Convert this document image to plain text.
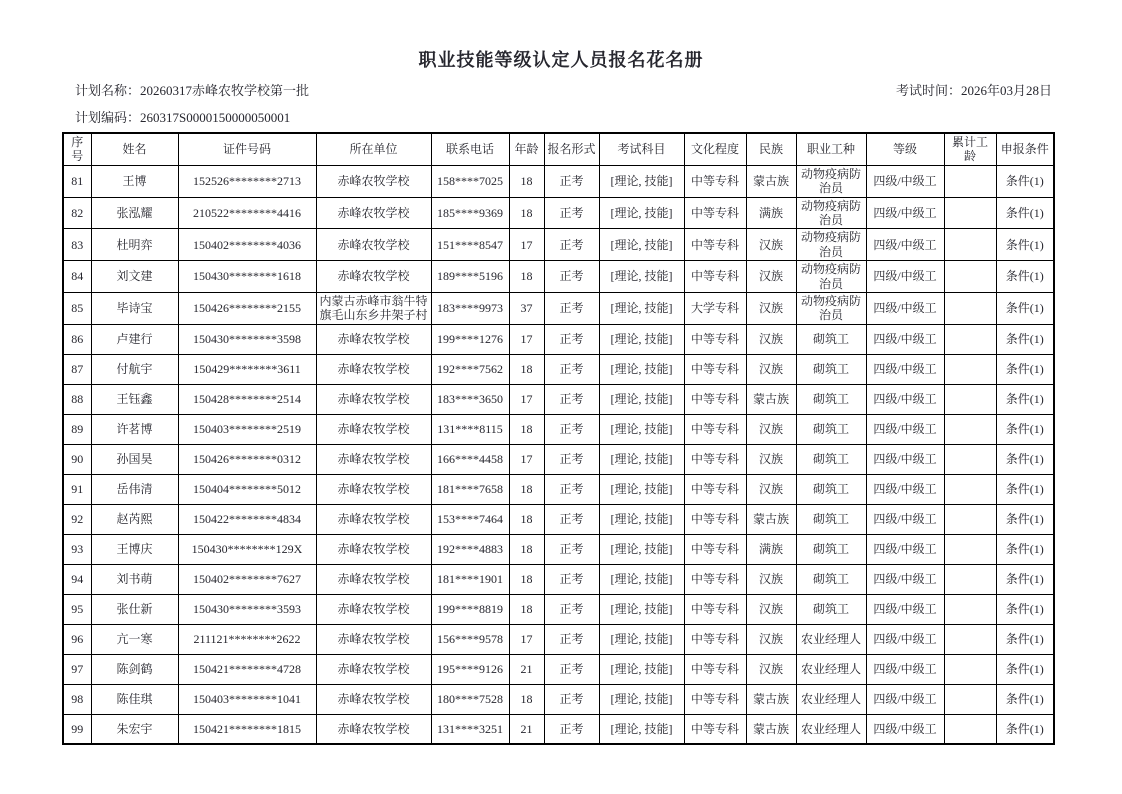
职业技能等级认定人员报名花名册
计划名称：20260317赤峰农牧学校第一批	考试时间：2026年03月28日
计划编码：260317S0000150000050001
序号	姓名	证件号码	所在单位	联系电话	年龄	报名形式	考试科目	文化程度	民族	职业工种	等级	累计工龄	申报条件
81	王博	152526********2713	赤峰农牧学校	158****7025	18	正考	[理论, 技能]	中等专科	蒙古族	动物疫病防治员	四级/中级工		条件(1)
82	张泓耀	210522********4416	赤峰农牧学校	185****9369	18	正考	[理论, 技能]	中等专科	满族	动物疫病防治员	四级/中级工		条件(1)
83	杜明弈	150402********4036	赤峰农牧学校	151****8547	17	正考	[理论, 技能]	中等专科	汉族	动物疫病防治员	四级/中级工		条件(1)
84	刘文建	150430********1618	赤峰农牧学校	189****5196	18	正考	[理论, 技能]	中等专科	汉族	动物疫病防治员	四级/中级工		条件(1)
85	毕诗宝	150426********2155	内蒙古赤峰市翁牛特旗毛山东乡井架子村	183****9973	37	正考	[理论, 技能]	大学专科	汉族	动物疫病防治员	四级/中级工		条件(1)
86	卢建行	150430********3598	赤峰农牧学校	199****1276	17	正考	[理论, 技能]	中等专科	汉族	砌筑工	四级/中级工		条件(1)
87	付航宇	150429********3611	赤峰农牧学校	192****7562	18	正考	[理论, 技能]	中等专科	汉族	砌筑工	四级/中级工		条件(1)
88	王钰鑫	150428********2514	赤峰农牧学校	183****3650	17	正考	[理论, 技能]	中等专科	蒙古族	砌筑工	四级/中级工		条件(1)
89	许茗博	150403********2519	赤峰农牧学校	131****8115	18	正考	[理论, 技能]	中等专科	汉族	砌筑工	四级/中级工		条件(1)
90	孙国昊	150426********0312	赤峰农牧学校	166****4458	17	正考	[理论, 技能]	中等专科	汉族	砌筑工	四级/中级工		条件(1)
91	岳伟清	150404********5012	赤峰农牧学校	181****7658	18	正考	[理论, 技能]	中等专科	汉族	砌筑工	四级/中级工		条件(1)
92	赵芮熙	150422********4834	赤峰农牧学校	153****7464	18	正考	[理论, 技能]	中等专科	蒙古族	砌筑工	四级/中级工		条件(1)
93	王博庆	150430********129X	赤峰农牧学校	192****4883	18	正考	[理论, 技能]	中等专科	满族	砌筑工	四级/中级工		条件(1)
94	刘书萌	150402********7627	赤峰农牧学校	181****1901	18	正考	[理论, 技能]	中等专科	汉族	砌筑工	四级/中级工		条件(1)
95	张仕新	150430********3593	赤峰农牧学校	199****8819	18	正考	[理论, 技能]	中等专科	汉族	砌筑工	四级/中级工		条件(1)
96	亢一寒	211121********2622	赤峰农牧学校	156****9578	17	正考	[理论, 技能]	中等专科	汉族	农业经理人	四级/中级工		条件(1)
97	陈剑鹤	150421********4728	赤峰农牧学校	195****9126	21	正考	[理论, 技能]	中等专科	汉族	农业经理人	四级/中级工		条件(1)
98	陈佳琪	150403********1041	赤峰农牧学校	180****7528	18	正考	[理论, 技能]	中等专科	蒙古族	农业经理人	四级/中级工		条件(1)
99	朱宏宇	150421********1815	赤峰农牧学校	131****3251	21	正考	[理论, 技能]	中等专科	蒙古族	农业经理人	四级/中级工		条件(1)
